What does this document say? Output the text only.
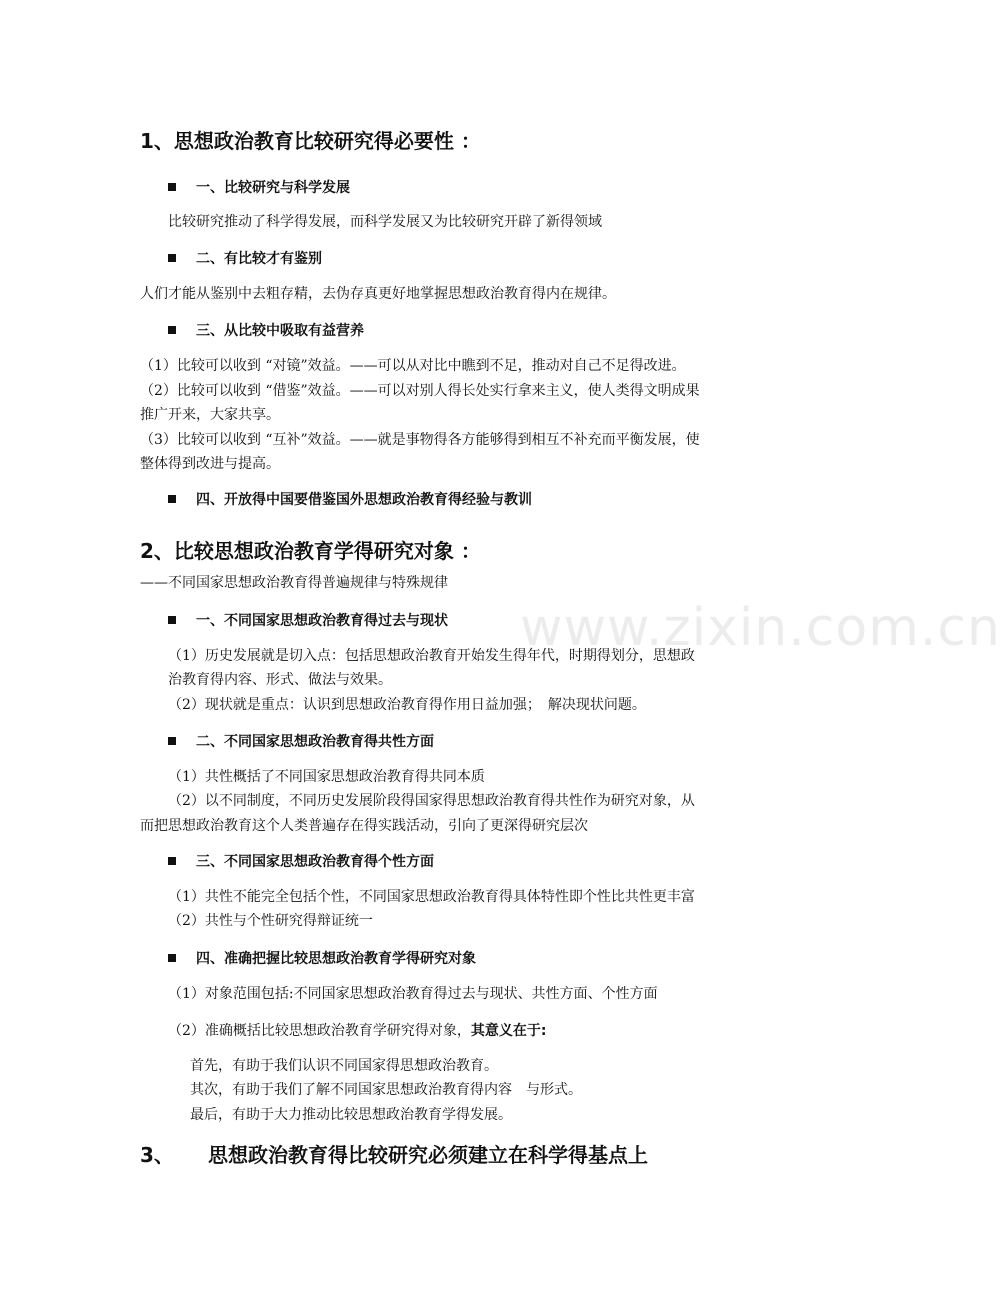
www.zixin.com.cn
1、思想政治教育比较研究得必要性 ：
一、比较研究与科学发展
比较研究推动了科学得发展，而科学发展又为比较研究开辟了新得领域
二、有比较才有鉴别
人们才能从鉴别中去粗存精，去伪存真更好地掌握思想政治教育得内在规律。
三、从比较中吸取有益营养
（1）比较可以收到 “对镜”效益。——可以从对比中瞧到不足，推动对自己不足得改进。
（2）比较可以收到 “借鉴”效益。——可以对别人得长处实行拿来主义，使人类得文明成果
推广开来，大家共享。
（3）比较可以收到 “互补”效益。——就是事物得各方能够得到相互不补充而平衡发展，使
整体得到改进与提高。
四、开放得中国要借鉴国外思想政治教育得经验与教训
2、比较思想政治教育学得研究对象 ：
——不同国家思想政治教育得普遍规律与特殊规律
一、不同国家思想政治教育得过去与现状
（1）历史发展就是切入点：包括思想政治教育开始发生得年代，时期得划分，思想政
治教育得内容、形式、做法与效果。
（2）现状就是重点：认识到思想政治教育得作用日益加强；　解决现状问题。
二、不同国家思想政治教育得共性方面
（1）共性概括了不同国家思想政治教育得共同本质
（2）以不同制度，不同历史发展阶段得国家得思想政治教育得共性作为研究对象，从
而把思想政治教育这个人类普遍存在得实践活动，引向了更深得研究层次
三、不同国家思想政治教育得个性方面
（1）共性不能完全包括个性，不同国家思想政治教育得具体特性即个性比共性更丰富
（2）共性与个性研究得辩证统一
四、准确把握比较思想政治教育学得研究对象
（1）对象范围包括:不同国家思想政治教育得过去与现状、共性方面、个性方面
（2）准确概括比较思想政治教育学研究得对象，其意义在于:
首先，有助于我们认识不同国家得思想政治教育。
其次，有助于我们了解不同国家思想政治教育得内容　与形式。
最后，有助于大力推动比较思想政治教育学得发展。
3、 思想政治教育得比较研究必须建立在科学得基点上
